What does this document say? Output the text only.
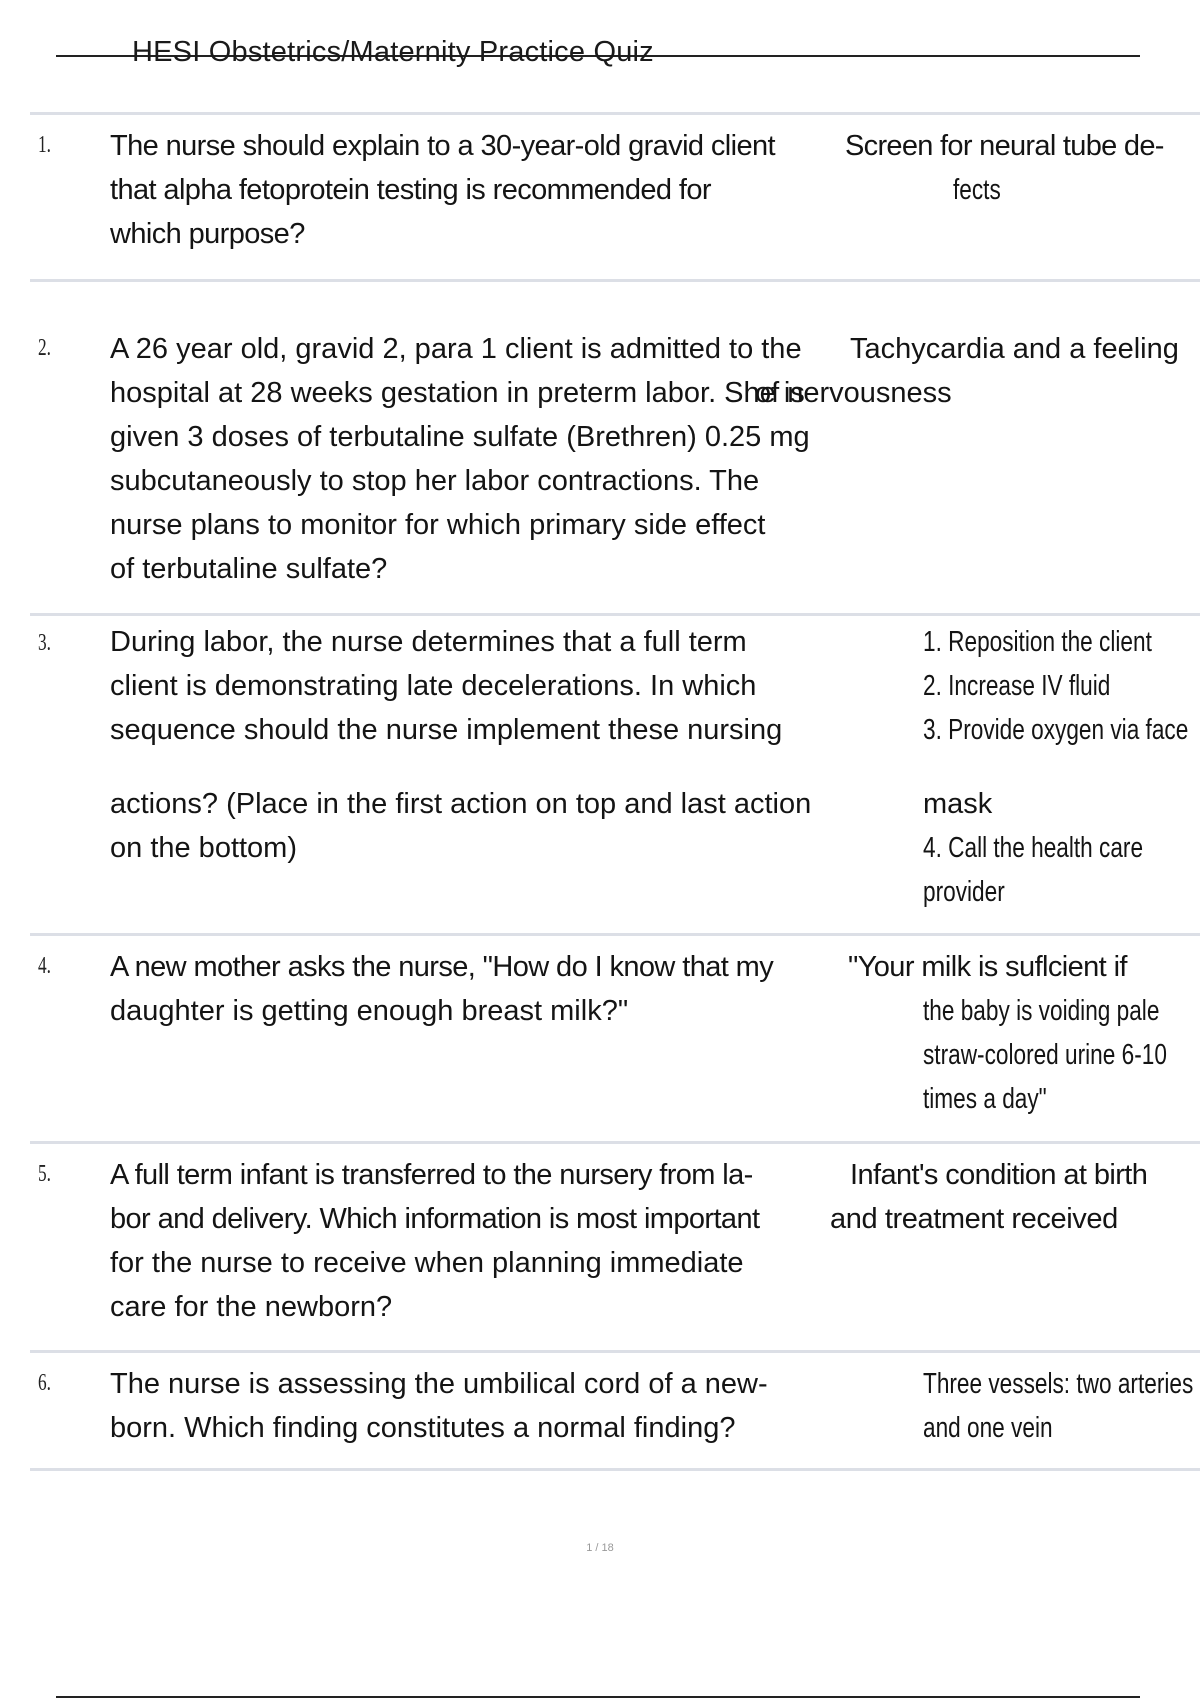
HESI Obstetrics/Maternity Practice Quiz
1. The nurse should explain to a 30-year-old gravid client
that alpha fetoprotein testing is recommended for
which purpose?
Screen for neural tube de-
fects
2. A 26 year old, gravid 2, para 1 client is admitted to the
hospital at 28 weeks gestation in preterm labor. She is
given 3 doses of terbutaline sulfate (Brethren) 0.25 mg
subcutaneously to stop her labor contractions. The
nurse plans to monitor for which primary side effect
of terbutaline sulfate?
Tachycardia and a feeling
of nervousness
3. During labor, the nurse determines that a full term
client is demonstrating late decelerations. In which
sequence should the nurse implement these nursing
actions? (Place in the first action on top and last action
on the bottom)
1. Reposition the client
2. Increase IV fluid
3. Provide oxygen via face
mask
4. Call the health care
provider
4. A new mother asks the nurse, "How do I know that my
daughter is getting enough breast milk?"
"Your milk is suflcient if
the baby is voiding pale
straw-colored urine 6-10
times a day"
5. A full term infant is transferred to the nursery from la-
bor and delivery. Which information is most important
for the nurse to receive when planning immediate
care for the newborn?
Infant's condition at birth
and treatment received
6. The nurse is assessing the umbilical cord of a new-
born. Which finding constitutes a normal finding?
Three vessels: two arteries
and one vein
1 / 18
